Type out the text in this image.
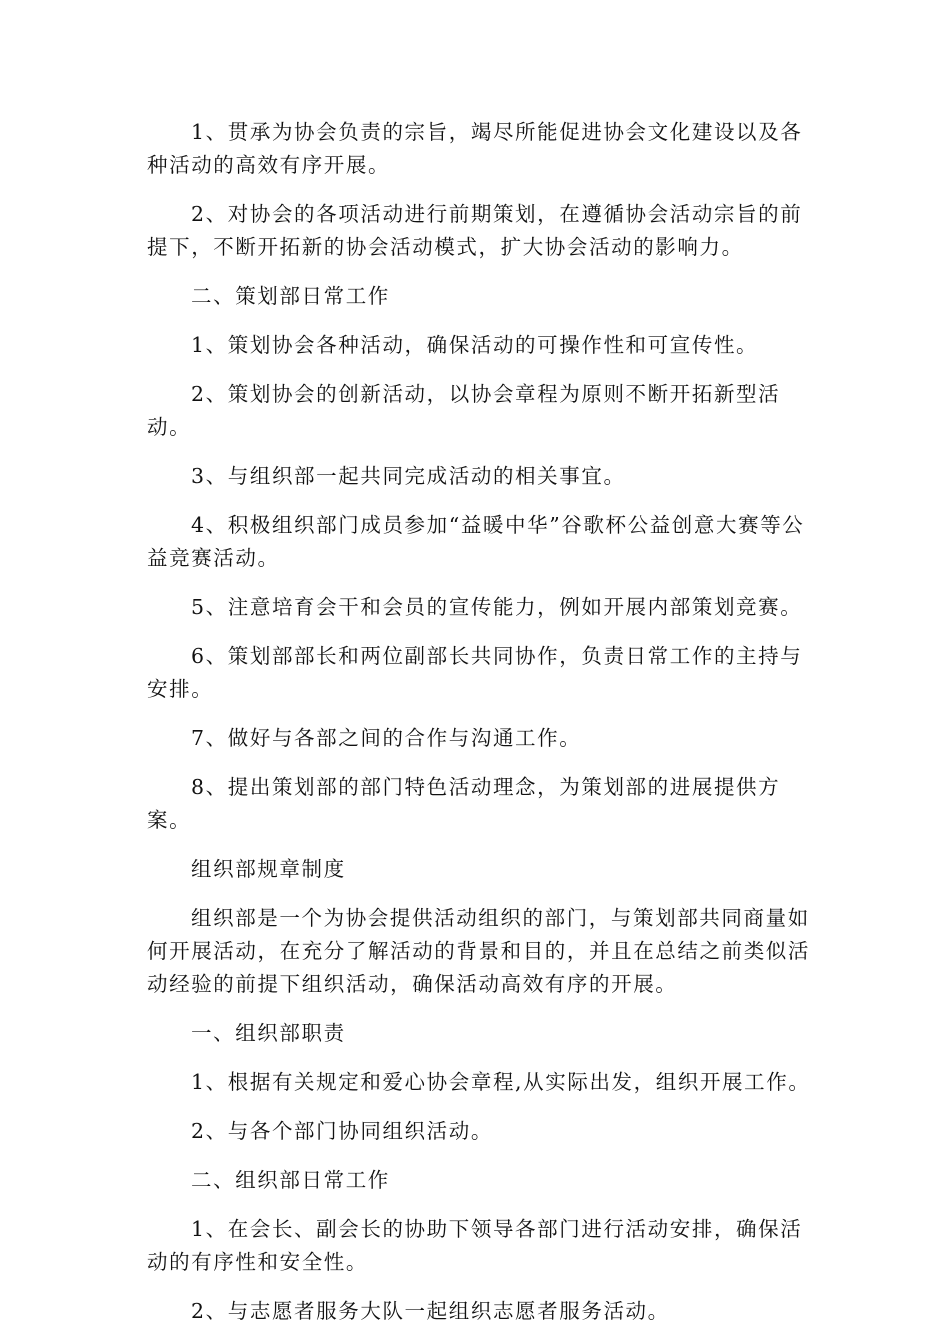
1、贯承为协会负责的宗旨，竭尽所能促进协会文化建设以及各种活动的高效有序开展。

2、对协会的各项活动进行前期策划，在遵循协会活动宗旨的前提下，不断开拓新的协会活动模式，扩大协会活动的影响力。

二、策划部日常工作

1、策划协会各种活动，确保活动的可操作性和可宣传性。

2、策划协会的创新活动，以协会章程为原则不断开拓新型活动。

3、与组织部一起共同完成活动的相关事宜。

4、积极组织部门成员参加“益暖中华”谷歌杯公益创意大赛等公益竞赛活动。

5、注意培育会干和会员的宣传能力，例如开展内部策划竞赛。

6、策划部部长和两位副部长共同协作，负责日常工作的主持与安排。

7、做好与各部之间的合作与沟通工作。

8、提出策划部的部门特色活动理念，为策划部的进展提供方案。

组织部规章制度

组织部是一个为协会提供活动组织的部门，与策划部共同商量如何开展活动，在充分了解活动的背景和目的，并且在总结之前类似活动经验的前提下组织活动，确保活动高效有序的开展。

一、组织部职责

1、根据有关规定和爱心协会章程,从实际出发，组织开展工作。

2、与各个部门协同组织活动。

二、组织部日常工作

1、在会长、副会长的协助下领导各部门进行活动安排，确保活动的有序性和安全性。

2、与志愿者服务大队一起组织志愿者服务活动。
